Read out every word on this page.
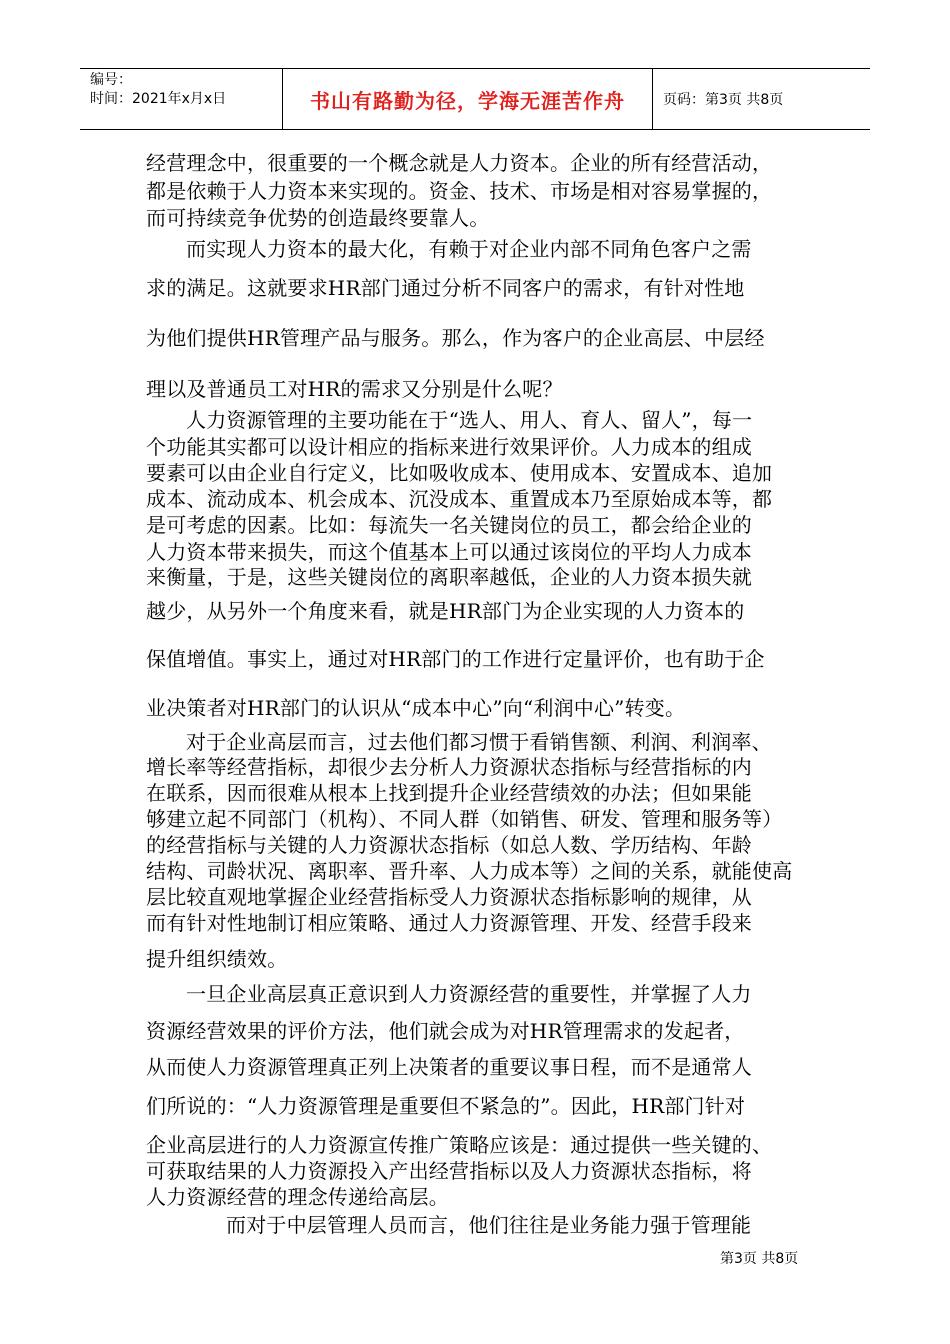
编号：
时间：2021年x月x日	书山有路勤为径，学海无涯苦作舟	页码：第3页 共8页
经营理念中，很重要的一个概念就是人力资本。企业的所有经营活动，
都是依赖于人力资本来实现的。资金、技术、市场是相对容易掌握的，
而可持续竞争优势的创造最终要靠人。
而实现人力资本的最大化，有赖于对企业内部不同角色客户之需
求的满足。这就要求HR部门通过分析不同客户的需求，有针对性地
为他们提供HR管理产品与服务。那么，作为客户的企业高层、中层经
理以及普通员工对HR的需求又分别是什么呢？
人力资源管理的主要功能在于“选人、用人、育人、留人”，每一
个功能其实都可以设计相应的指标来进行效果评价。人力成本的组成
要素可以由企业自行定义，比如吸收成本、使用成本、安置成本、追加
成本、流动成本、机会成本、沉没成本、重置成本乃至原始成本等，都
是可考虑的因素。比如：每流失一名关键岗位的员工，都会给企业的
人力资本带来损失，而这个值基本上可以通过该岗位的平均人力成本
来衡量，于是，这些关键岗位的离职率越低，企业的人力资本损失就
越少，从另外一个角度来看，就是HR部门为企业实现的人力资本的
保值增值。事实上，通过对HR部门的工作进行定量评价，也有助于企
业决策者对HR部门的认识从“成本中心”向“利润中心”转变。
对于企业高层而言，过去他们都习惯于看销售额、利润、利润率、
增长率等经营指标，却很少去分析人力资源状态指标与经营指标的内
在联系，因而很难从根本上找到提升企业经营绩效的办法；但如果能
够建立起不同部门（机构）、不同人群（如销售、研发、管理和服务等）
的经营指标与关键的人力资源状态指标（如总人数、学历结构、年龄
结构、司龄状况、离职率、晋升率、人力成本等）之间的关系，就能使高
层比较直观地掌握企业经营指标受人力资源状态指标影响的规律，从
而有针对性地制订相应策略、通过人力资源管理、开发、经营手段来
提升组织绩效。
一旦企业高层真正意识到人力资源经营的重要性，并掌握了人力
资源经营效果的评价方法，他们就会成为对HR管理需求的发起者，
从而使人力资源管理真正列上决策者的重要议事日程，而不是通常人
们所说的：“人力资源管理是重要但不紧急的”。因此，HR部门针对
企业高层进行的人力资源宣传推广策略应该是：通过提供一些关键的、
可获取结果的人力资源投入产出经营指标以及人力资源状态指标，将
人力资源经营的理念传递给高层。
而对于中层管理人员而言，他们往往是业务能力强于管理能
第3页 共8页
